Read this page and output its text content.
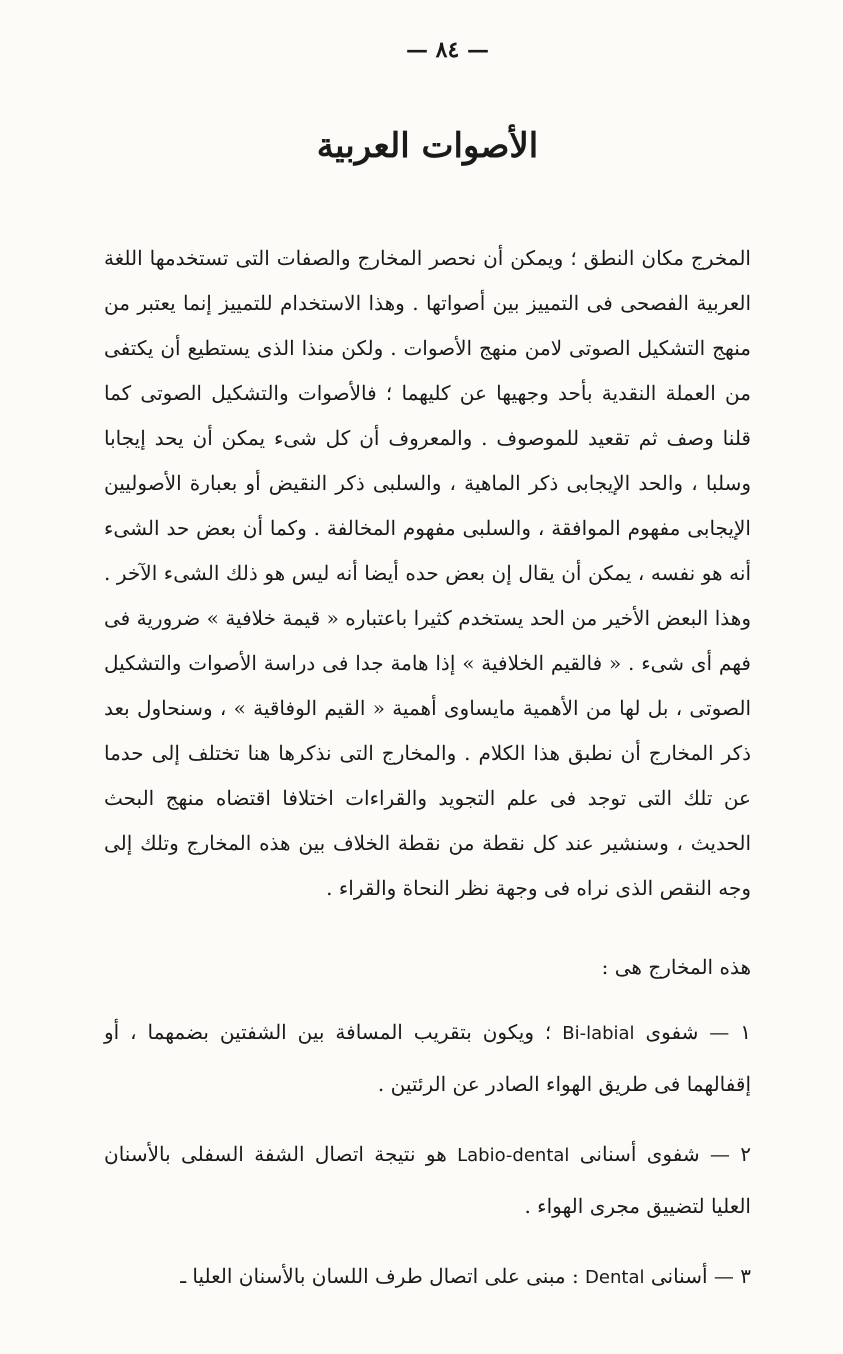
— ٨٤ —
الأصوات العربية

المخرج مكان النطق ؛ ويمكن أن نحصر المخارج والصفات التى تستخدمها اللغة العربية الفصحى فى التمييز بين أصواتها . وهذا الاستخدام للتمييز إنما يعتبر من منهج التشكيل الصوتى لامن منهج الأصوات . ولكن منذا الذى يستطيع أن يكتفى من العملة النقدية بأحد وجهيها عن كليهما ؛ فالأصوات والتشكيل الصوتى كما قلنا وصف ثم تقعيد للموصوف . والمعروف أن كل شىء يمكن أن يحد إيجابا وسلبا ، والحد الإيجابى ذكر الماهية ، والسلبى ذكر النقيض أو بعبارة الأصوليين الإيجابى مفهوم الموافقة ، والسلبى مفهوم المخالفة . وكما أن بعض حد الشىء أنه هو نفسه ، يمكن أن يقال إن بعض حده أيضا أنه ليس هو ذلك الشىء الآخر . وهذا البعض الأخير من الحد يستخدم كثيرا باعتباره « قيمة خلافية » ضرورية فى فهم أى شىء . « فالقيم الخلافية » إذا هامة جدا فى دراسة الأصوات والتشكيل الصوتى ، بل لها من الأهمية مايساوى أهمية « القيم الوفاقية » ، وسنحاول بعد ذكر المخارج أن نطبق هذا الكلام . والمخارج التى نذكرها هنا تختلف إلى حدما عن تلك التى توجد فى علم التجويد والقراءات اختلافا اقتضاه منهج البحث الحديث ، وسنشير عند كل نقطة من نقطة الخلاف بين هذه المخارج وتلك إلى وجه النقص الذى نراه فى وجهة نظر النحاة والقراء .

هذه المخارج هى :
١ — شفوى Bi-labial ؛ ويكون بتقريب المسافة بين الشفتين بضمهما ، أو إقفالهما فى طريق الهواء الصادر عن الرئتين .
٢ — شفوى أسنانى Labio-dental هو نتيجة اتصال الشفة السفلى بالأسنان العليا لتضييق مجرى الهواء .
٣ — أسنانى Dental : مبنى على اتصال طرف اللسان بالأسنان العليا ـ
